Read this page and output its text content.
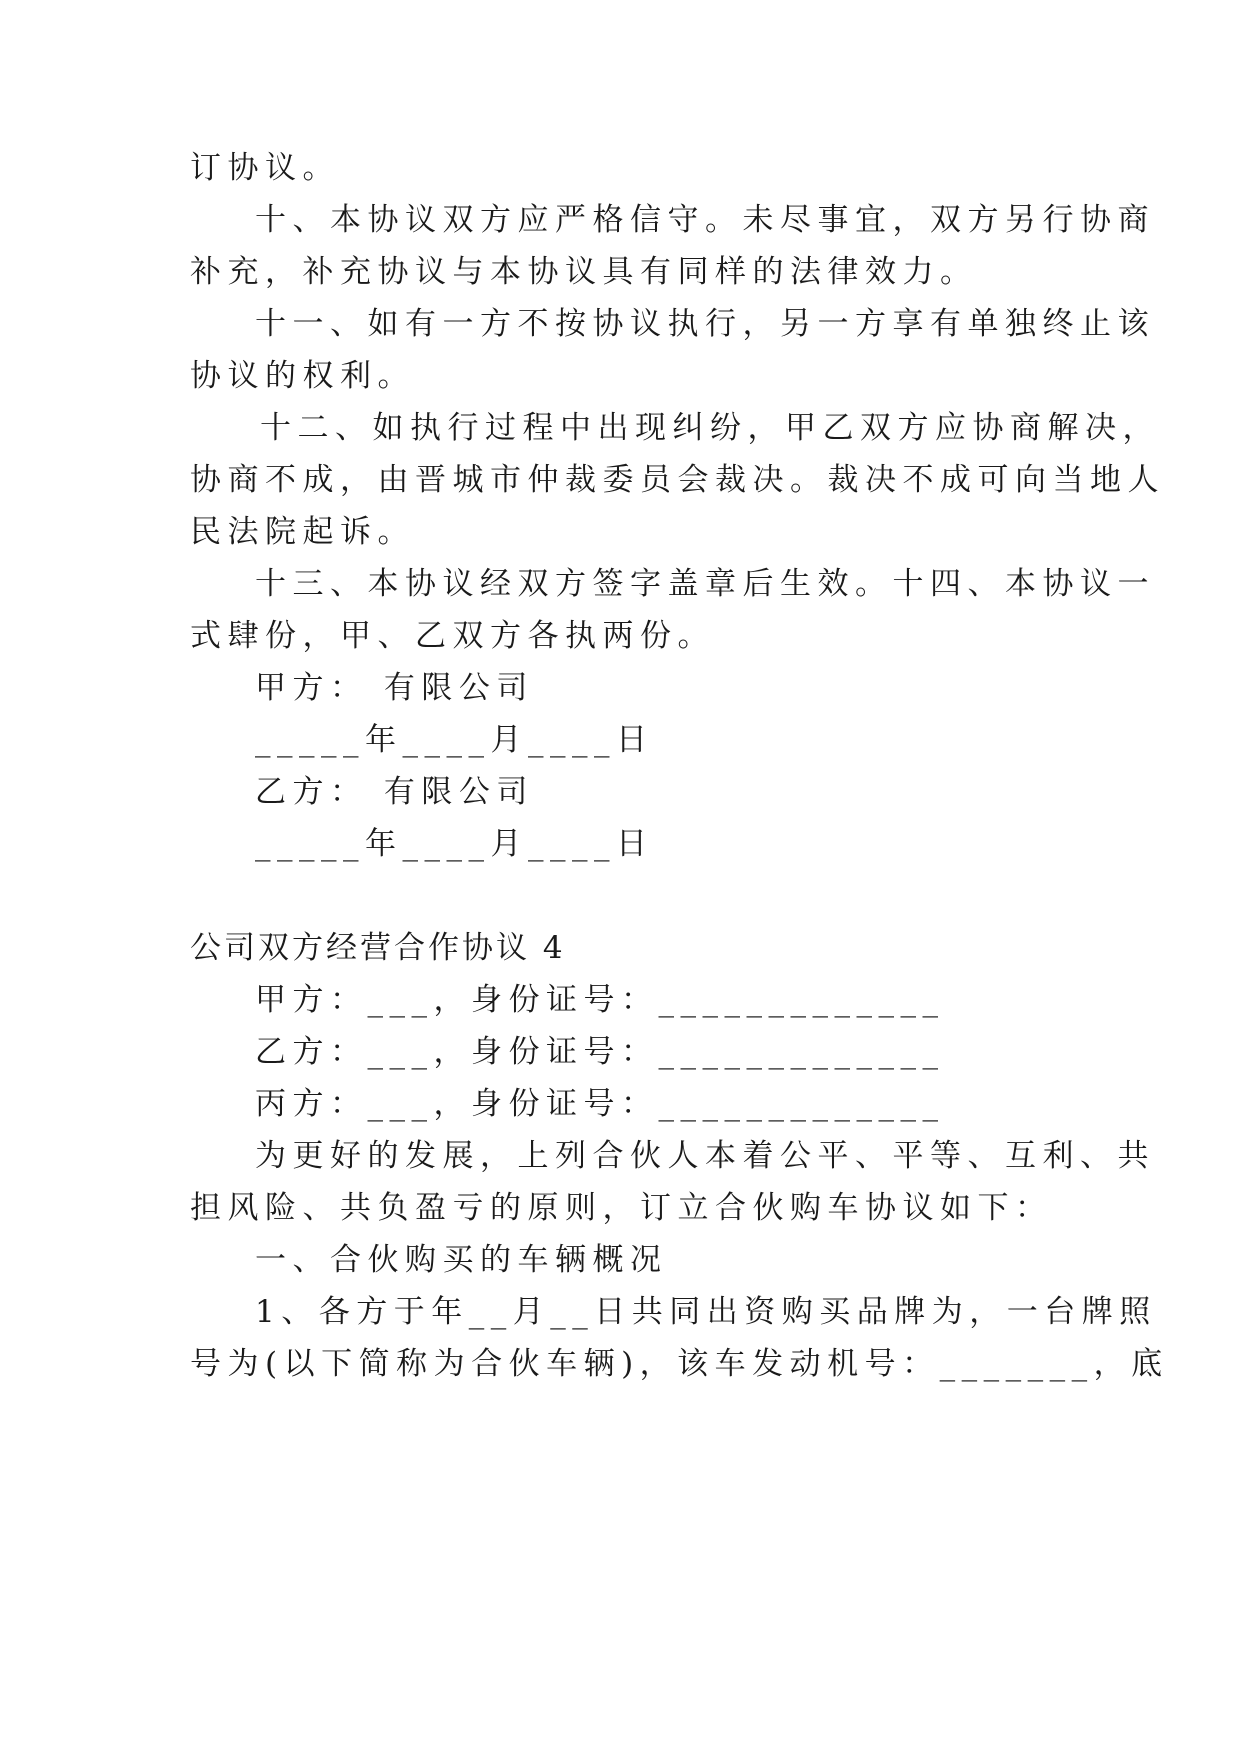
订协议。
十、本协议双方应严格信守。未尽事宜，双方另行协商
补充，补充协议与本协议具有同样的法律效力。
十一、如有一方不按协议执行，另一方享有单独终止该
协议的权利。
十二、如执行过程中出现纠纷，甲乙双方应协商解决，
协商不成，由晋城市仲裁委员会裁决。裁决不成可向当地人
民法院起诉。
十三、本协议经双方签字盖章后生效。十四、本协议一
式肆份，甲、乙双方各执两份。
甲方： 有限公司
_____年____月____日
乙方： 有限公司
_____年____月____日
公司双方经营合作协议 4
甲方：___，身份证号：_____________
乙方：___，身份证号：_____________
丙方：___，身份证号：_____________
为更好的发展，上列合伙人本着公平、平等、互利、共
担风险、共负盈亏的原则，订立合伙购车协议如下：
一、合伙购买的车辆概况
1、各方于年__月__日共同出资购买品牌为，一台牌照
号为(以下简称为合伙车辆)，该车发动机号：_______，底
